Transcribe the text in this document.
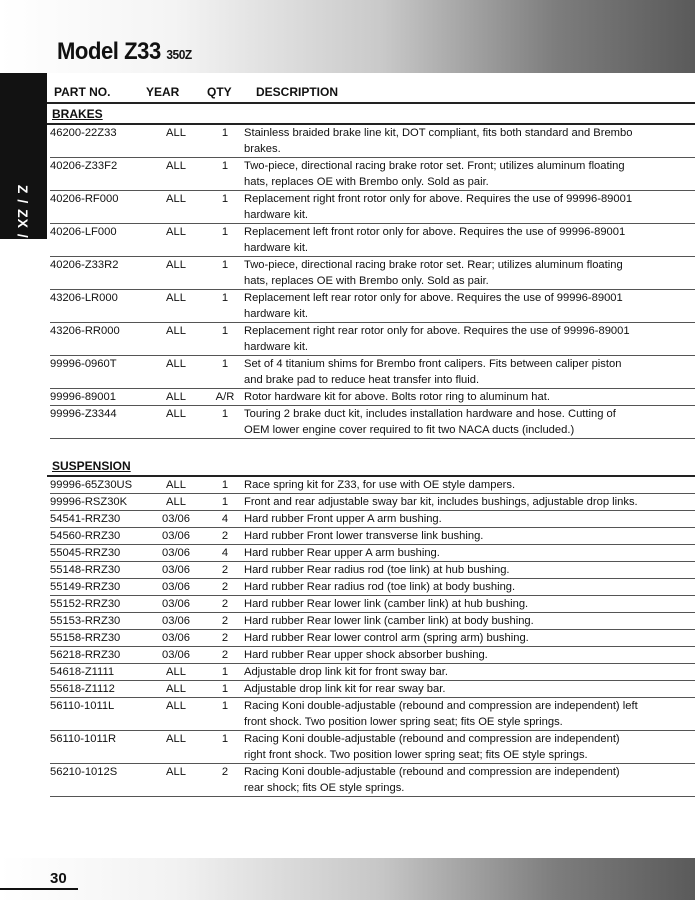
Model Z33 350Z
Z / ZX / ZXT
PART NO.	YEAR QTY DESCRIPTION
BRAKES
46200-22Z33	ALL	1	Stainless braided brake line kit, DOT compliant, fits both standard and Brembo brakes.
40206-Z33F2	ALL	1	Two-piece, directional racing brake rotor set. Front; utilizes aluminum floating hats, replaces OE with Brembo only. Sold as pair.
40206-RF000	ALL	1	Replacement right front rotor only for above. Requires the use of 99996-89001 hardware kit.
40206-LF000	ALL	1	Replacement left front rotor only for above. Requires the use of 99996-89001 hardware kit.
40206-Z33R2	ALL	1	Two-piece, directional racing brake rotor set. Rear; utilizes aluminum floating hats, replaces OE with Brembo only. Sold as pair.
43206-LR000	ALL	1	Replacement left rear rotor only for above. Requires the use of 99996-89001 hardware kit.
43206-RR000	ALL	1	Replacement right rear rotor only for above. Requires the use of 99996-89001 hardware kit.
99996-0960T	ALL	1	Set of 4 titanium shims for Brembo front calipers. Fits between caliper piston and brake pad to reduce heat transfer into fluid.
99996-89001	ALL	A/R Rotor hardware kit for above. Bolts rotor ring to aluminum hat.
99996-Z3344	ALL	1	Touring 2 brake duct kit, includes installation hardware and hose. Cutting of OEM lower engine cover required to fit two NACA ducts (included.)
SUSPENSION
99996-65Z30US	ALL	1	Race spring kit for Z33, for use with OE style dampers.
99996-RSZ30K	ALL	1	Front and rear adjustable sway bar kit, includes bushings, adjustable drop links.
54541-RRZ30	03/06	4	Hard rubber Front upper A arm bushing.
54560-RRZ30	03/06	2	Hard rubber Front lower transverse link bushing.
55045-RRZ30	03/06	4	Hard rubber Rear upper A arm bushing.
55148-RRZ30	03/06	2	Hard rubber Rear radius rod (toe link) at hub bushing.
55149-RRZ30	03/06	2	Hard rubber Rear radius rod (toe link) at body bushing.
55152-RRZ30	03/06	2	Hard rubber Rear lower link (camber link) at hub bushing.
55153-RRZ30	03/06	2	Hard rubber Rear lower link (camber link) at body bushing.
55158-RRZ30	03/06	2	Hard rubber Rear lower control arm (spring arm) bushing.
56218-RRZ30	03/06	2	Hard rubber Rear upper shock absorber bushing.
54618-Z1111	ALL	1	Adjustable drop link kit for front sway bar.
55618-Z1112	ALL	1	Adjustable drop link kit for rear sway bar.
56110-1011L	ALL	1	Racing Koni double-adjustable (rebound and compression are independent) left front shock. Two position lower spring seat; fits OE style springs.
56110-1011R	ALL	1	Racing Koni double-adjustable (rebound and compression are independent) right front shock. Two position lower spring seat; fits OE style springs.
56210-1012S	ALL	2	Racing Koni double-adjustable (rebound and compression are independent) rear shock; fits OE style springs.
30
